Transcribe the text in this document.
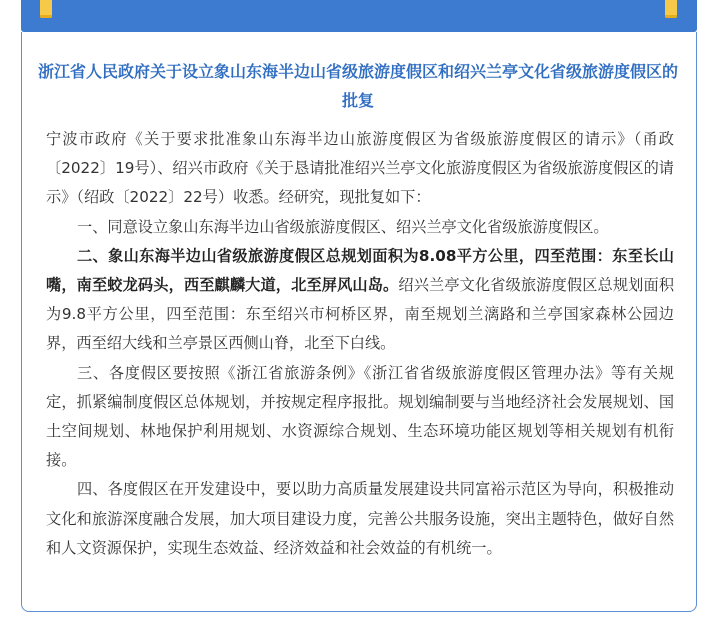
浙江省人民政府关于设立象山东海半边山省级旅游度假区和绍兴兰亭文化省级旅游度假区的批复

宁波市政府《关于要求批准象山东海半边山旅游度假区为省级旅游度假区的请示》（甬政〔2022〕19号）、绍兴市政府《关于恳请批准绍兴兰亭文化旅游度假区为省级旅游度假区的请示》（绍政〔2022〕22号）收悉。经研究，现批复如下：

一、同意设立象山东海半边山省级旅游度假区、绍兴兰亭文化省级旅游度假区。

二、象山东海半边山省级旅游度假区总规划面积为8.08平方公里，四至范围：东至长山嘴，南至蛟龙码头，西至麒麟大道，北至屏风山岛。绍兴兰亭文化省级旅游度假区总规划面积为9.8平方公里，四至范围：东至绍兴市柯桥区界，南至规划兰漓路和兰亭国家森林公园边界，西至绍大线和兰亭景区西侧山脊，北至下白线。

三、各度假区要按照《浙江省旅游条例》《浙江省省级旅游度假区管理办法》等有关规定，抓紧编制度假区总体规划，并按规定程序报批。规划编制要与当地经济社会发展规划、国土空间规划、林地保护利用规划、水资源综合规划、生态环境功能区规划等相关规划有机衔接。

四、各度假区在开发建设中，要以助力高质量发展建设共同富裕示范区为导向，积极推动文化和旅游深度融合发展，加大项目建设力度，完善公共服务设施，突出主题特色，做好自然和人文资源保护，实现生态效益、经济效益和社会效益的有机统一。
